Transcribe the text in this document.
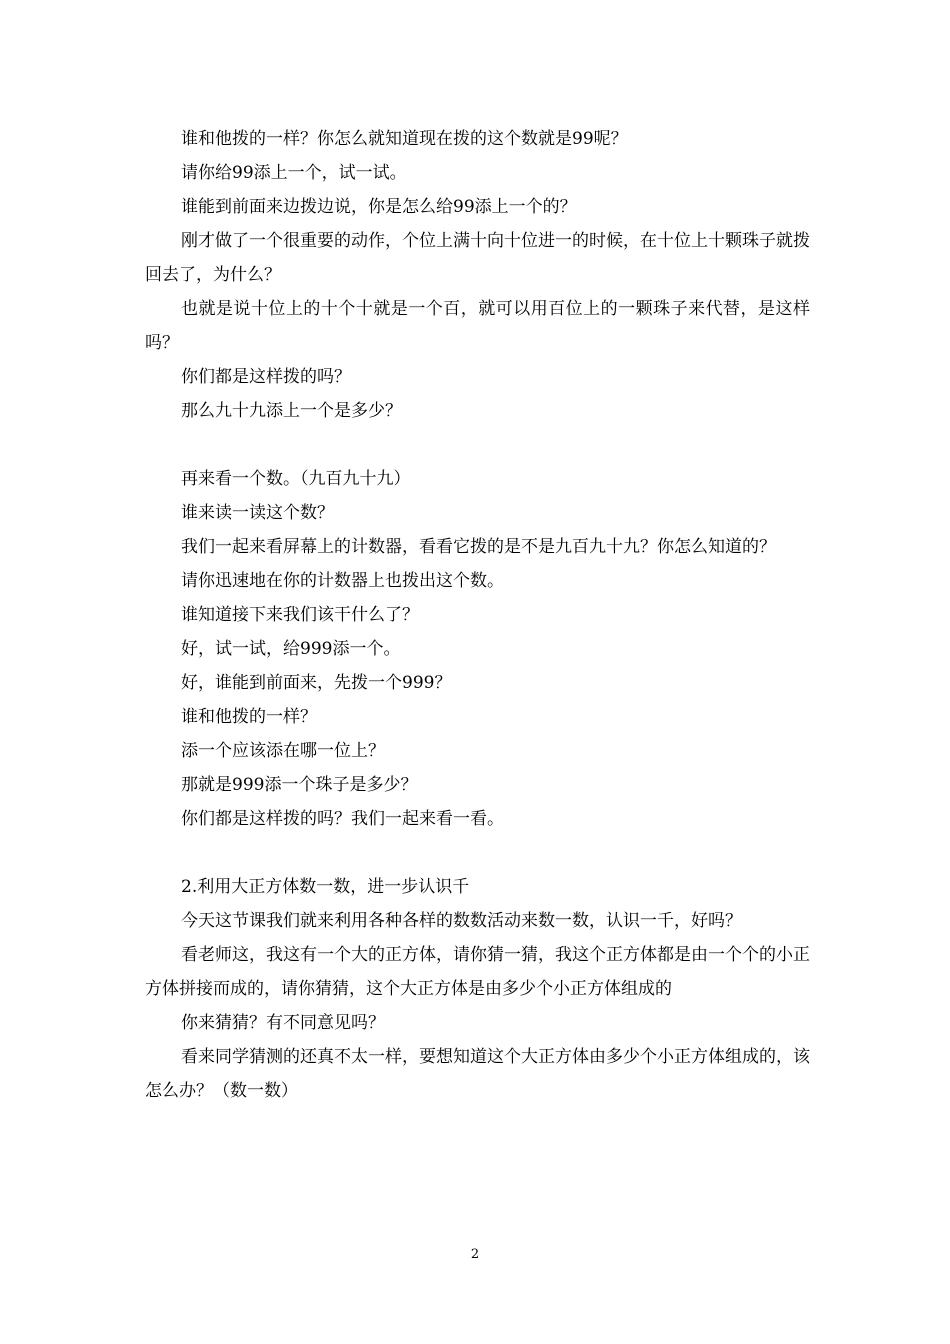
谁和他拨的一样？你怎么就知道现在拨的这个数就是99呢？

请你给99添上一个，试一试。

谁能到前面来边拨边说，你是怎么给99添上一个的？

刚才做了一个很重要的动作，个位上满十向十位进一的时候，在十位上十颗珠子就拨回去了，为什么？

也就是说十位上的十个十就是一个百，就可以用百位上的一颗珠子来代替，是这样吗？

你们都是这样拨的吗？

那么九十九添上一个是多少？

再来看一个数。（九百九十九）

谁来读一读这个数？

我们一起来看屏幕上的计数器，看看它拨的是不是九百九十九？你怎么知道的？

请你迅速地在你的计数器上也拨出这个数。

谁知道接下来我们该干什么了？

好，试一试，给999添一个。

好，谁能到前面来，先拨一个999？

谁和他拨的一样？

添一个应该添在哪一位上？

那就是999添一个珠子是多少？

你们都是这样拨的吗？我们一起来看一看。

2.利用大正方体数一数，进一步认识千

今天这节课我们就来利用各种各样的数数活动来数一数，认识一千，好吗？

看老师这，我这有一个大的正方体，请你猜一猜，我这个正方体都是由一个个的小正方体拼接而成的，请你猜猜，这个大正方体是由多少个小正方体组成的

你来猜猜？有不同意见吗？

看来同学猜测的还真不太一样，要想知道这个大正方体由多少个小正方体组成的，该怎么办？（数一数）

2
